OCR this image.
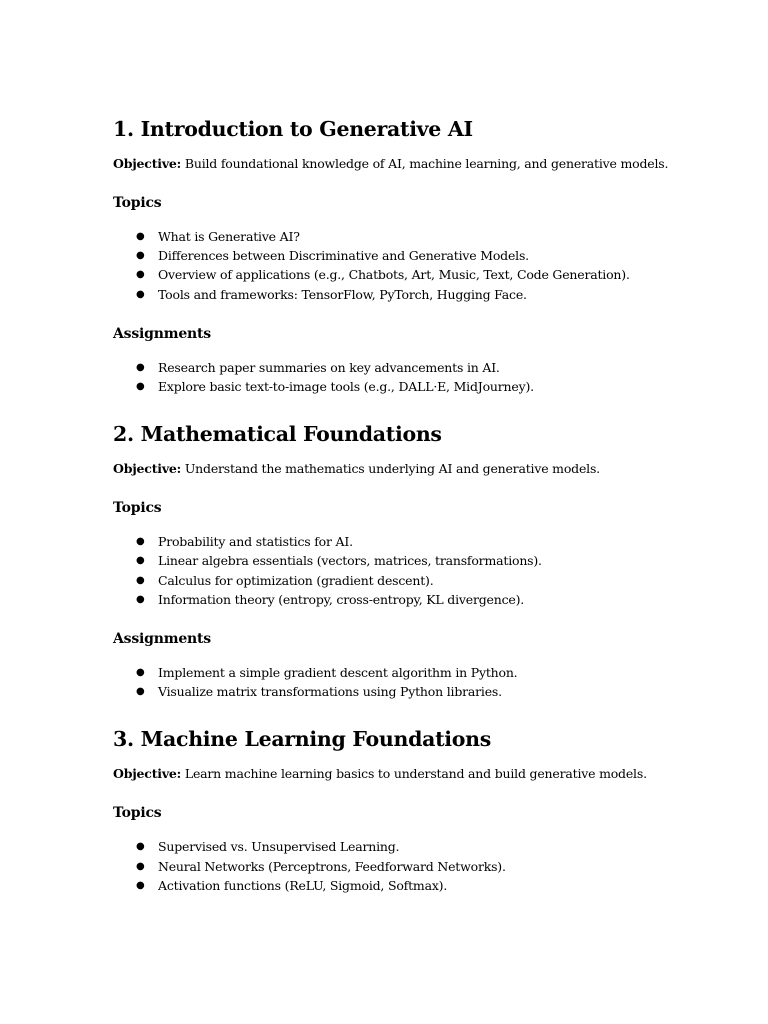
1. Introduction to Generative AI

Objective: Build foundational knowledge of AI, machine learning, and generative models.

Topics
● What is Generative AI?
● Differences between Discriminative and Generative Models.
● Overview of applications (e.g., Chatbots, Art, Music, Text, Code Generation).
● Tools and frameworks: TensorFlow, PyTorch, Hugging Face.
Assignments
● Research paper summaries on key advancements in AI.
● Explore basic text-to-image tools (e.g., DALL·E, MidJourney).
2. Mathematical Foundations

Objective: Understand the mathematics underlying AI and generative models.

Topics
● Probability and statistics for AI.
● Linear algebra essentials (vectors, matrices, transformations).
● Calculus for optimization (gradient descent).
● Information theory (entropy, cross-entropy, KL divergence).
Assignments
● Implement a simple gradient descent algorithm in Python.
● Visualize matrix transformations using Python libraries.
3. Machine Learning Foundations

Objective: Learn machine learning basics to understand and build generative models.

Topics
● Supervised vs. Unsupervised Learning.
● Neural Networks (Perceptrons, Feedforward Networks).
● Activation functions (ReLU, Sigmoid, Softmax).
